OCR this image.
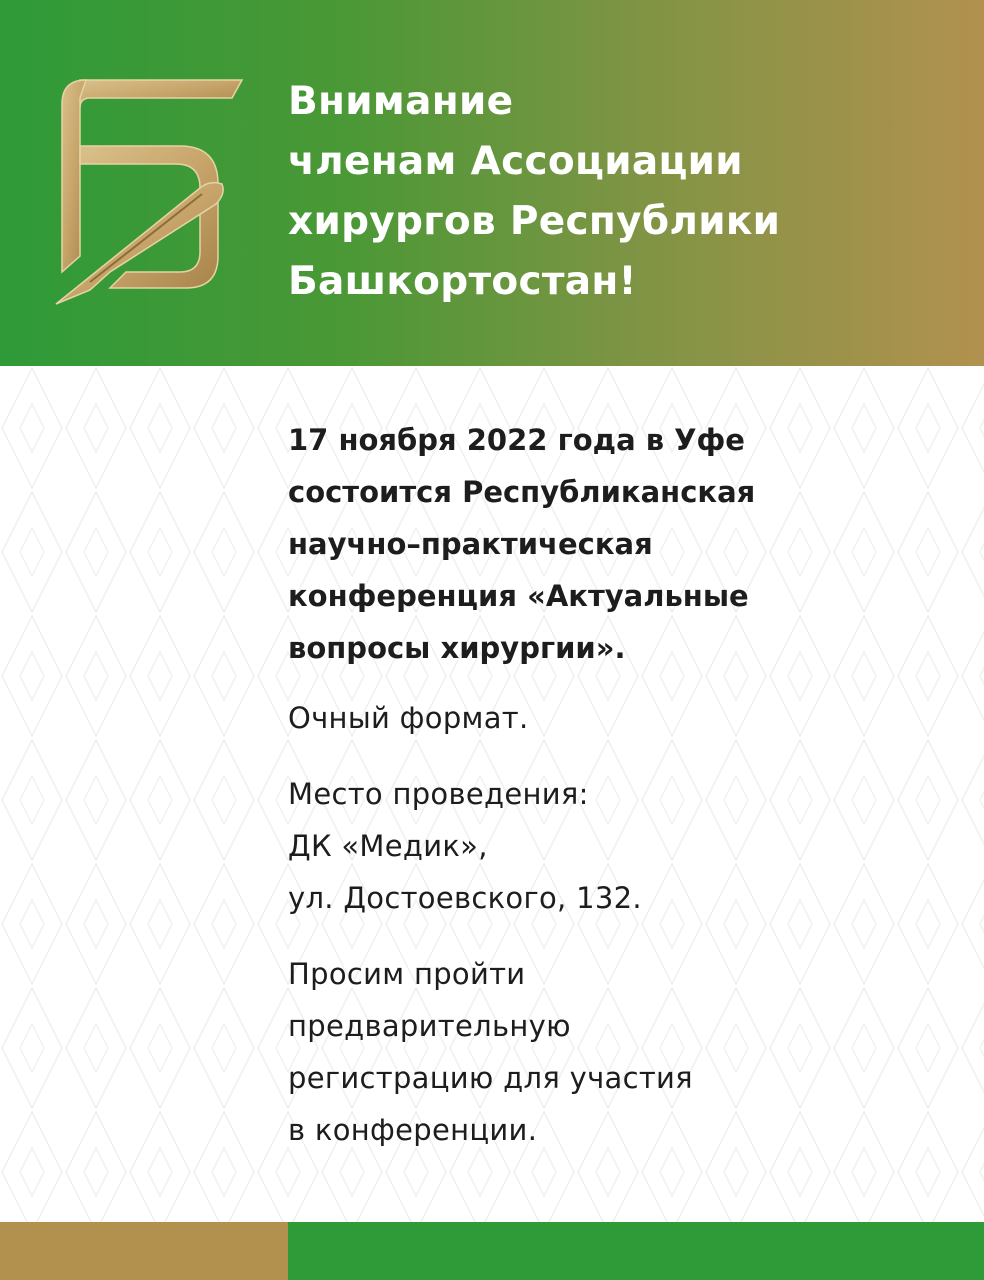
Внимание
членам Ассоциации
хирургов Республики
Башкортостан!

17 ноября 2022 года в Уфе
состоится Республиканская
научно–практическая
конференция «Актуальные
вопросы хирургии».

Очный формат.

Место проведения:
ДК «Медик»,
ул. Достоевского, 132.

Просим пройти
предварительную
регистрацию для участия
в конференции.
